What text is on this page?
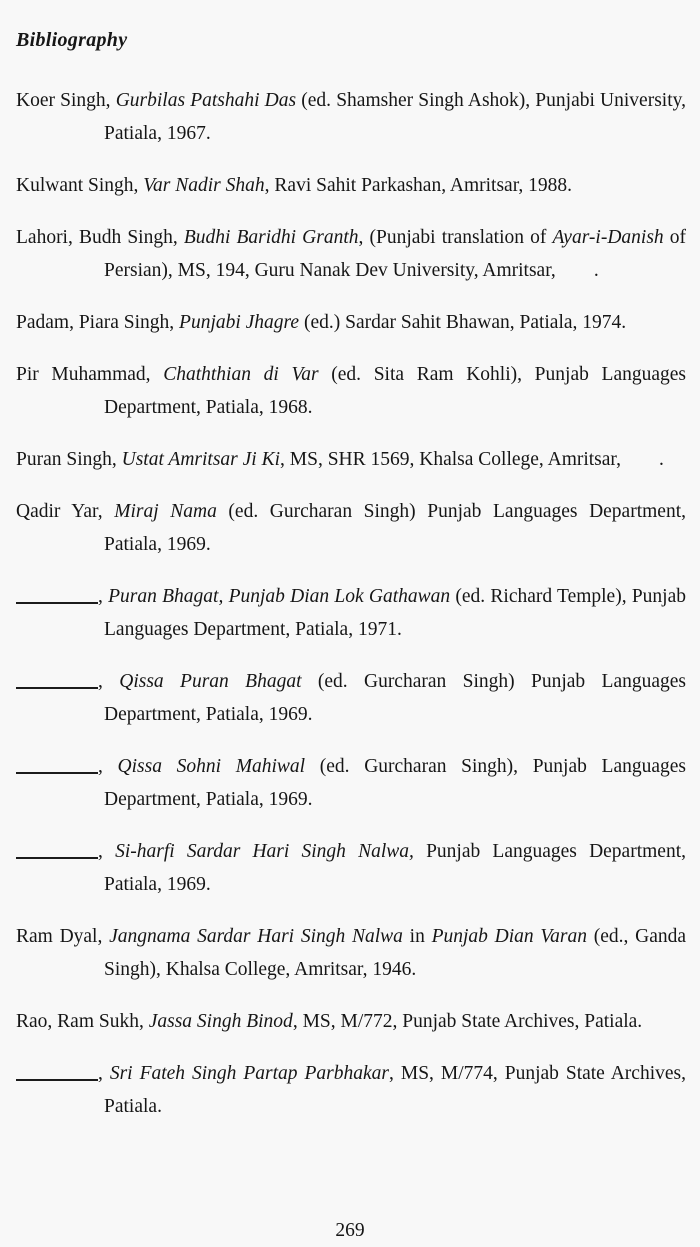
Bibliography

Koer Singh, Gurbilas Patshahi Das (ed. Shamsher Singh Ashok), Punjabi University, Patiala, 1967.

Kulwant Singh, Var Nadir Shah, Ravi Sahit Parkashan, Amritsar, 1988.

Lahori, Budh Singh, Budhi Baridhi Granth, (Punjabi translation of Ayar-i-Danish of Persian), MS, 194, Guru Nanak Dev University, Amritsar, .

Padam, Piara Singh, Punjabi Jhagre (ed.) Sardar Sahit Bhawan, Patiala, 1974.

Pir Muhammad, Chaththian di Var (ed. Sita Ram Kohli), Punjab Languages Department, Patiala, 1968.

Puran Singh, Ustat Amritsar Ji Ki, MS, SHR 1569, Khalsa College, Amritsar, .

Qadir Yar, Miraj Nama (ed. Gurcharan Singh) Punjab Languages Department, Patiala, 1969.

, Puran Bhagat, Punjab Dian Lok Gathawan (ed. Richard Temple), Punjab Languages Department, Patiala, 1971.

, Qissa Puran Bhagat (ed. Gurcharan Singh) Punjab Languages Department, Patiala, 1969.

, Qissa Sohni Mahiwal (ed. Gurcharan Singh), Punjab Languages Department, Patiala, 1969.

, Si-harfi Sardar Hari Singh Nalwa, Punjab Languages Department, Patiala, 1969.

Ram Dyal, Jangnama Sardar Hari Singh Nalwa in Punjab Dian Varan (ed., Ganda Singh), Khalsa College, Amritsar, 1946.

Rao, Ram Sukh, Jassa Singh Binod, MS, M/772, Punjab State Archives, Patiala.

, Sri Fateh Singh Partap Parbhakar, MS, M/774, Punjab State Archives, Patiala.

269
